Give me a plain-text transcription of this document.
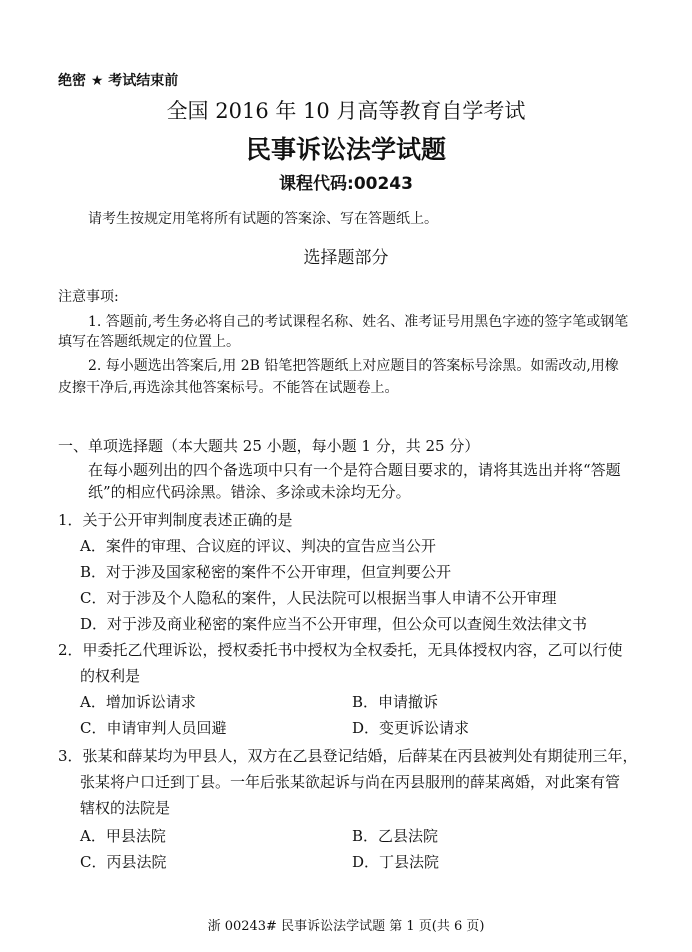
绝密 ★ 考试结束前
全国 2016 年 10 月高等教育自学考试
民事诉讼法学试题
课程代码:00243
请考生按规定用笔将所有试题的答案涂、写在答题纸上。
选择题部分
注意事项:
1. 答题前,考生务必将自己的考试课程名称、姓名、准考证号用黑色字迹的签字笔或钢笔
填写在答题纸规定的位置上。
2. 每小题选出答案后,用 2B 铅笔把答题纸上对应题目的答案标号涂黑。如需改动,用橡
皮擦干净后,再选涂其他答案标号。不能答在试题卷上。
一、单项选择题（本大题共 25 小题，每小题 1 分，共 25 分）
在每小题列出的四个备选项中只有一个是符合题目要求的，请将其选出并将“答题
纸”的相应代码涂黑。错涂、多涂或未涂均无分。
1．关于公开审判制度表述正确的是
A．案件的审理、合议庭的评议、判决的宣告应当公开
B．对于涉及国家秘密的案件不公开审理，但宣判要公开
C．对于涉及个人隐私的案件，人民法院可以根据当事人申请不公开审理
D．对于涉及商业秘密的案件应当不公开审理，但公众可以查阅生效法律文书
2．甲委托乙代理诉讼，授权委托书中授权为全权委托，无具体授权内容，乙可以行使
的权利是
A．增加诉讼请求	B．申请撤诉
C．申请审判人员回避	D．变更诉讼请求
3．张某和薛某均为甲县人，双方在乙县登记结婚，后薛某在丙县被判处有期徒刑三年，
张某将户口迁到丁县。一年后张某欲起诉与尚在丙县服刑的薛某离婚，对此案有管
辖权的法院是
A．甲县法院	B．乙县法院
C．丙县法院	D．丁县法院
浙 00243# 民事诉讼法学试题 第 1 页(共 6 页)
